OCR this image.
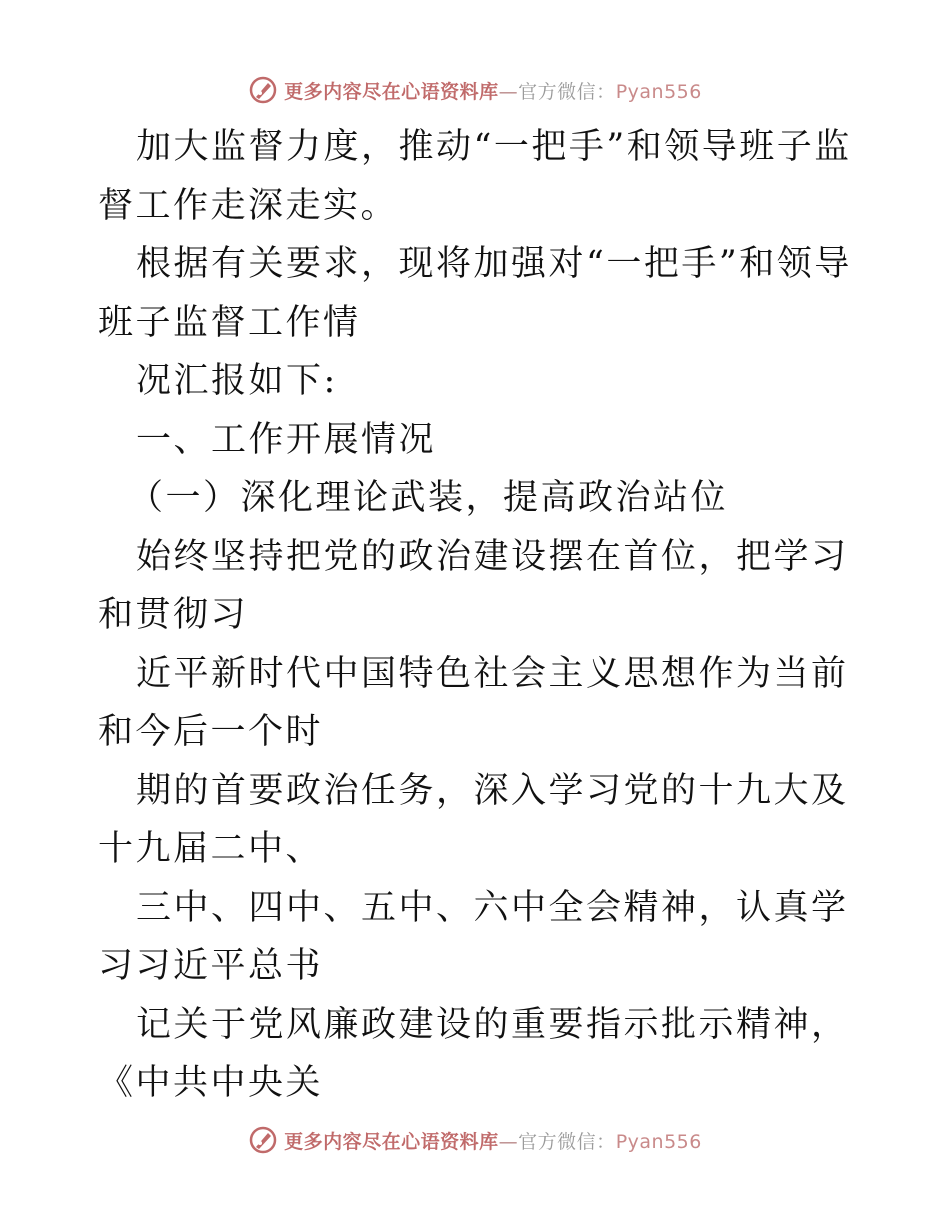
更多内容尽在心语资料库—官方微信：Pyan556

加大监督力度，推动“一把手”和领导班子监督工作走深走实。

根据有关要求，现将加强对“一把手”和领导班子监督工作情

况汇报如下:

一、工作开展情况

（一）深化理论武装，提高政治站位

始终坚持把党的政治建设摆在首位，把学习和贯彻习

近平新时代中国特色社会主义思想作为当前和今后一个时

期的首要政治任务，深入学习党的十九大及十九届二中、

三中、四中、五中、六中全会精神，认真学习习近平总书

记关于党风廉政建设的重要指示批示精神，《中共中央关

更多内容尽在心语资料库—官方微信：Pyan556
